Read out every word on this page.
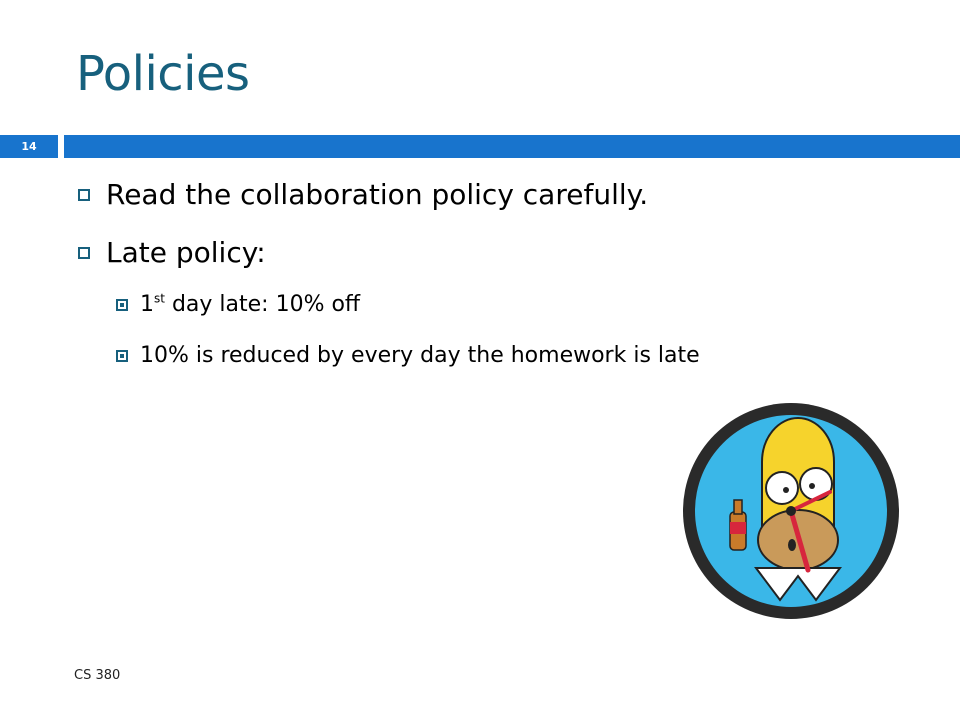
Policies
14
Read the collaboration policy carefully.
Late policy:
1st day late: 10% off
10% is reduced by every day the homework is late
CS 380
